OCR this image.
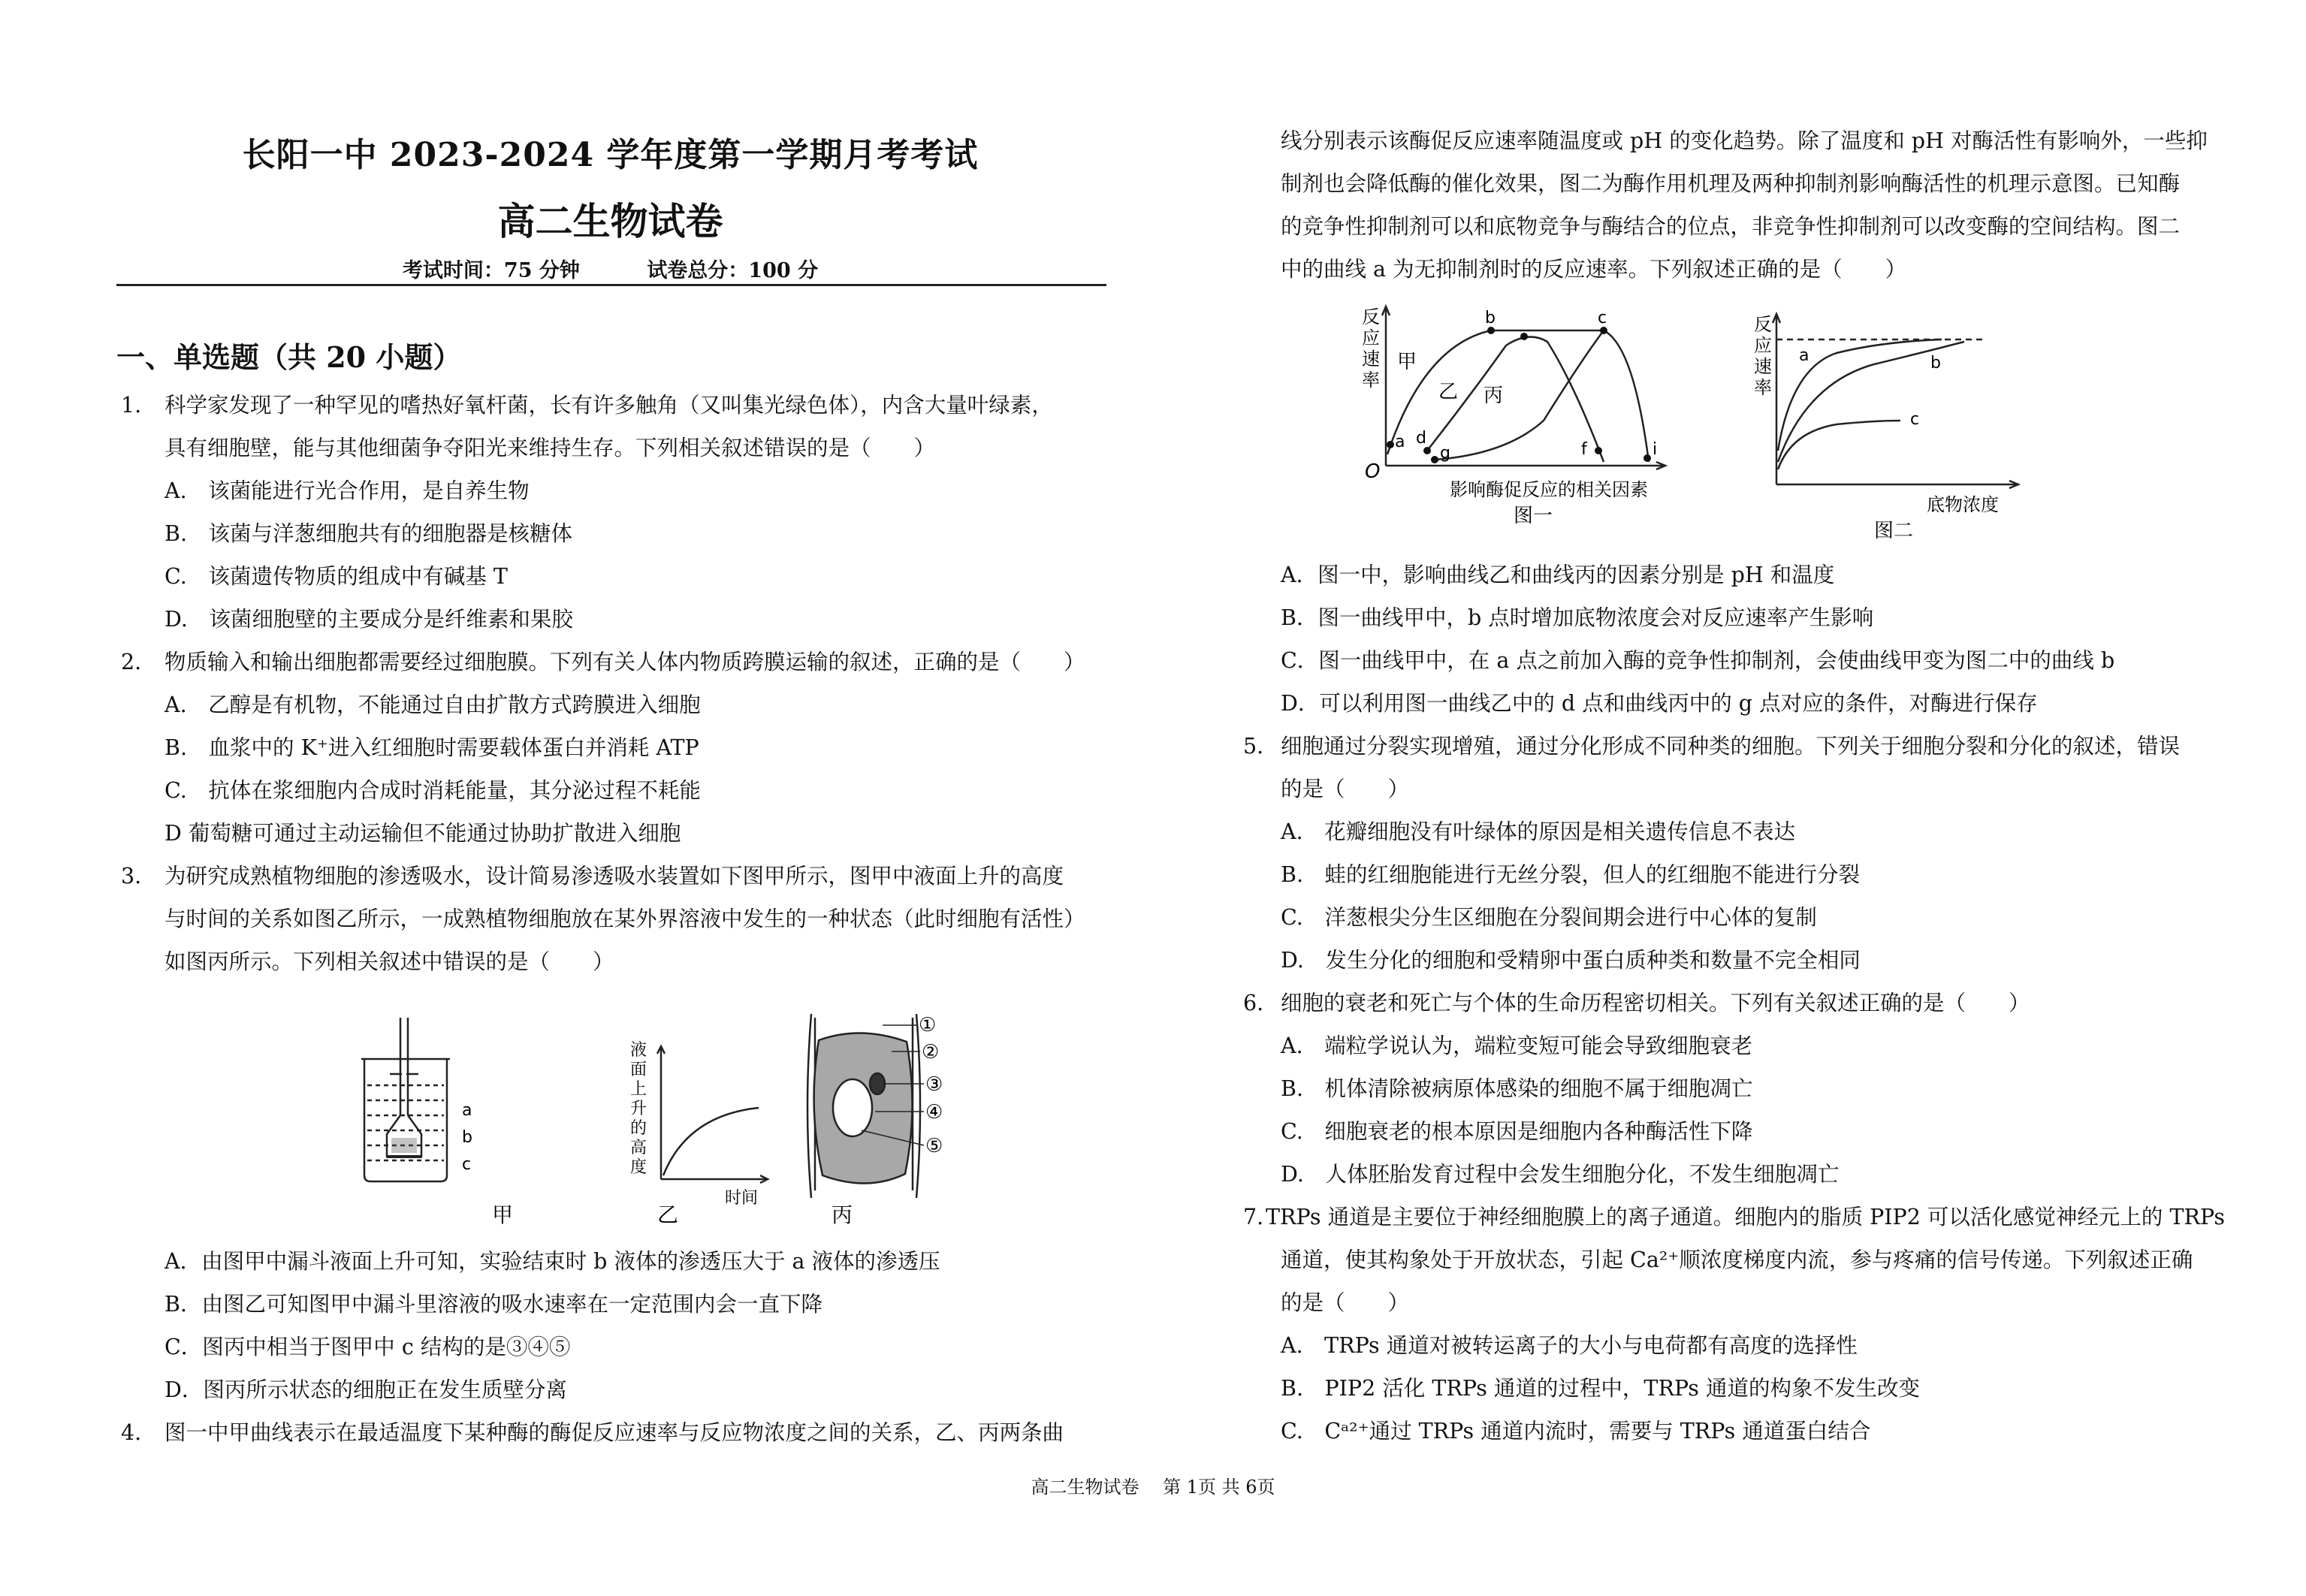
长阳一中 2023-2024 学年度第一学期月考考试
高二生物试卷
考试时间：75 分钟	试卷总分：100 分
一、单选题（共 20 小题）
1. 科学家发现了一种罕见的嗜热好氧杆菌，长有许多触角（又叫集光绿色体），内含大量叶绿素，
具有细胞壁，能与其他细菌争夺阳光来维持生存。下列相关叙述错误的是（　　）
A.　该菌能进行光合作用，是自养生物
B.　该菌与洋葱细胞共有的细胞器是核糖体
C.　该菌遗传物质的组成中有碱基 T
D.　该菌细胞壁的主要成分是纤维素和果胶
2. 物质输入和输出细胞都需要经过细胞膜。下列有关人体内物质跨膜运输的叙述，正确的是（　　）
A.　乙醇是有机物，不能通过自由扩散方式跨膜进入细胞
B.　血浆中的 K⁺进入红细胞时需要载体蛋白并消耗 ATP
C.　抗体在浆细胞内合成时消耗能量，其分泌过程不耗能
D 葡萄糖可通过主动运输但不能通过协助扩散进入细胞
3. 为研究成熟植物细胞的渗透吸水，设计简易渗透吸水装置如下图甲所示，图甲中液面上升的高度
与时间的关系如图乙所示，一成熟植物细胞放在某外界溶液中发生的一种状态（此时细胞有活性）
如图丙所示。下列相关叙述中错误的是（　　）
a
b
c
甲
液
面
上
升
的
高
度
时间
乙
①
②
③
④
⑤
丙
A．由图甲中漏斗液面上升可知，实验结束时 b 液体的渗透压大于 a 液体的渗透压
B．由图乙可知图甲中漏斗里溶液的吸水速率在一定范围内会一直下降
C．图丙中相当于图甲中 c 结构的是③④⑤
D．图丙所示状态的细胞正在发生质壁分离
4. 图一中甲曲线表示在最适温度下某种酶的酶促反应速率与反应物浓度之间的关系，乙、丙两条曲
线分别表示该酶促反应速率随温度或 pH 的变化趋势。除了温度和 pH 对酶活性有影响外，一些抑
制剂也会降低酶的催化效果，图二为酶作用机理及两种抑制剂影响酶活性的机理示意图。已知酶
的竞争性抑制剂可以和底物竞争与酶结合的位点，非竞争性抑制剂可以改变酶的空间结构。图二
中的曲线 a 为无抑制剂时的反应速率。下列叙述正确的是（　　）
反
应
速
率
O
甲
乙 丙
a
b	c
d
f
g	i
影响酶促反应的相关因素
图一
反
应
速
率
a	b
c
底物浓度
图二
A．图一中，影响曲线乙和曲线丙的因素分别是 pH 和温度
B．图一曲线甲中，b 点时增加底物浓度会对反应速率产生影响
C．图一曲线甲中，在 a 点之前加入酶的竞争性抑制剂，会使曲线甲变为图二中的曲线 b
D．可以利用图一曲线乙中的 d 点和曲线丙中的 g 点对应的条件，对酶进行保存
5. 细胞通过分裂实现增殖，通过分化形成不同种类的细胞。下列关于细胞分裂和分化的叙述，错误
的是（　　）
A.　花瓣细胞没有叶绿体的原因是相关遗传信息不表达
B.　蛙的红细胞能进行无丝分裂，但人的红细胞不能进行分裂
C.　洋葱根尖分生区细胞在分裂间期会进行中心体的复制
D.　发生分化的细胞和受精卵中蛋白质种类和数量不完全相同
6. 细胞的衰老和死亡与个体的生命历程密切相关。下列有关叙述正确的是（　　）
A.　端粒学说认为，端粒变短可能会导致细胞衰老
B.　机体清除被病原体感染的细胞不属于细胞凋亡
C.　细胞衰老的根本原因是细胞内各种酶活性下降
D.　人体胚胎发育过程中会发生细胞分化，不发生细胞凋亡
7. TRPs 通道是主要位于神经细胞膜上的离子通道。细胞内的脂质 PIP2 可以活化感觉神经元上的 TRPs
通道，使其构象处于开放状态，引起 Ca²⁺顺浓度梯度内流，参与疼痛的信号传递。下列叙述正确
的是（　　）
A.　TRPs 通道对被转运离子的大小与电荷都有高度的选择性
B.　PIP2 活化 TRPs 通道的过程中，TRPs 通道的构象不发生改变
C.　Cᵃ²⁺通过 TRPs 通道内流时，需要与 TRPs 通道蛋白结合
高二生物试卷 第 1页 共 6页
